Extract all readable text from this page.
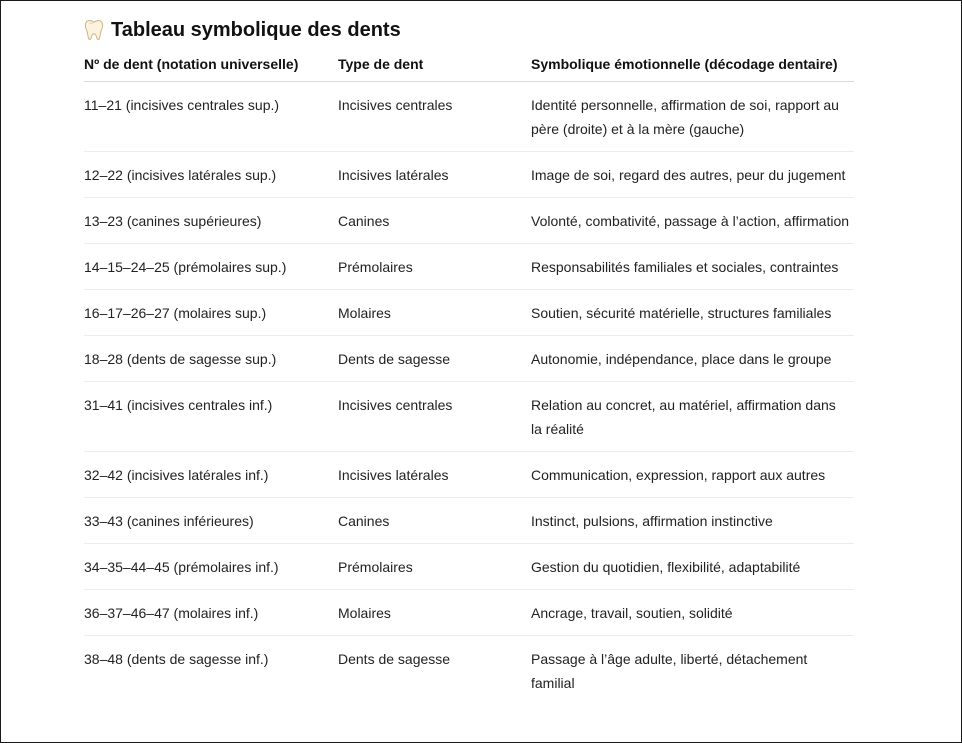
Tableau symbolique des dents
Nº de dent (notation universelle)	Type de dent	Symbolique émotionnelle (décodage dentaire)
11–21 (incisives centrales sup.)	Incisives centrales	Identité personnelle, affirmation de soi, rapport au père (droite) et à la mère (gauche)
12–22 (incisives latérales sup.)	Incisives latérales	Image de soi, regard des autres, peur du jugement
13–23 (canines supérieures)	Canines	Volonté, combativité, passage à l’action, affirmation
14–15–24–25 (prémolaires sup.)	Prémolaires	Responsabilités familiales et sociales, contraintes
16–17–26–27 (molaires sup.)	Molaires	Soutien, sécurité matérielle, structures familiales
18–28 (dents de sagesse sup.)	Dents de sagesse	Autonomie, indépendance, place dans le groupe
31–41 (incisives centrales inf.)	Incisives centrales	Relation au concret, au matériel, affirmation dans la réalité
32–42 (incisives latérales inf.)	Incisives latérales	Communication, expression, rapport aux autres
33–43 (canines inférieures)	Canines	Instinct, pulsions, affirmation instinctive
34–35–44–45 (prémolaires inf.)	Prémolaires	Gestion du quotidien, flexibilité, adaptabilité
36–37–46–47 (molaires inf.)	Molaires	Ancrage, travail, soutien, solidité
38–48 (dents de sagesse inf.)	Dents de sagesse	Passage à l’âge adulte, liberté, détachement familial
